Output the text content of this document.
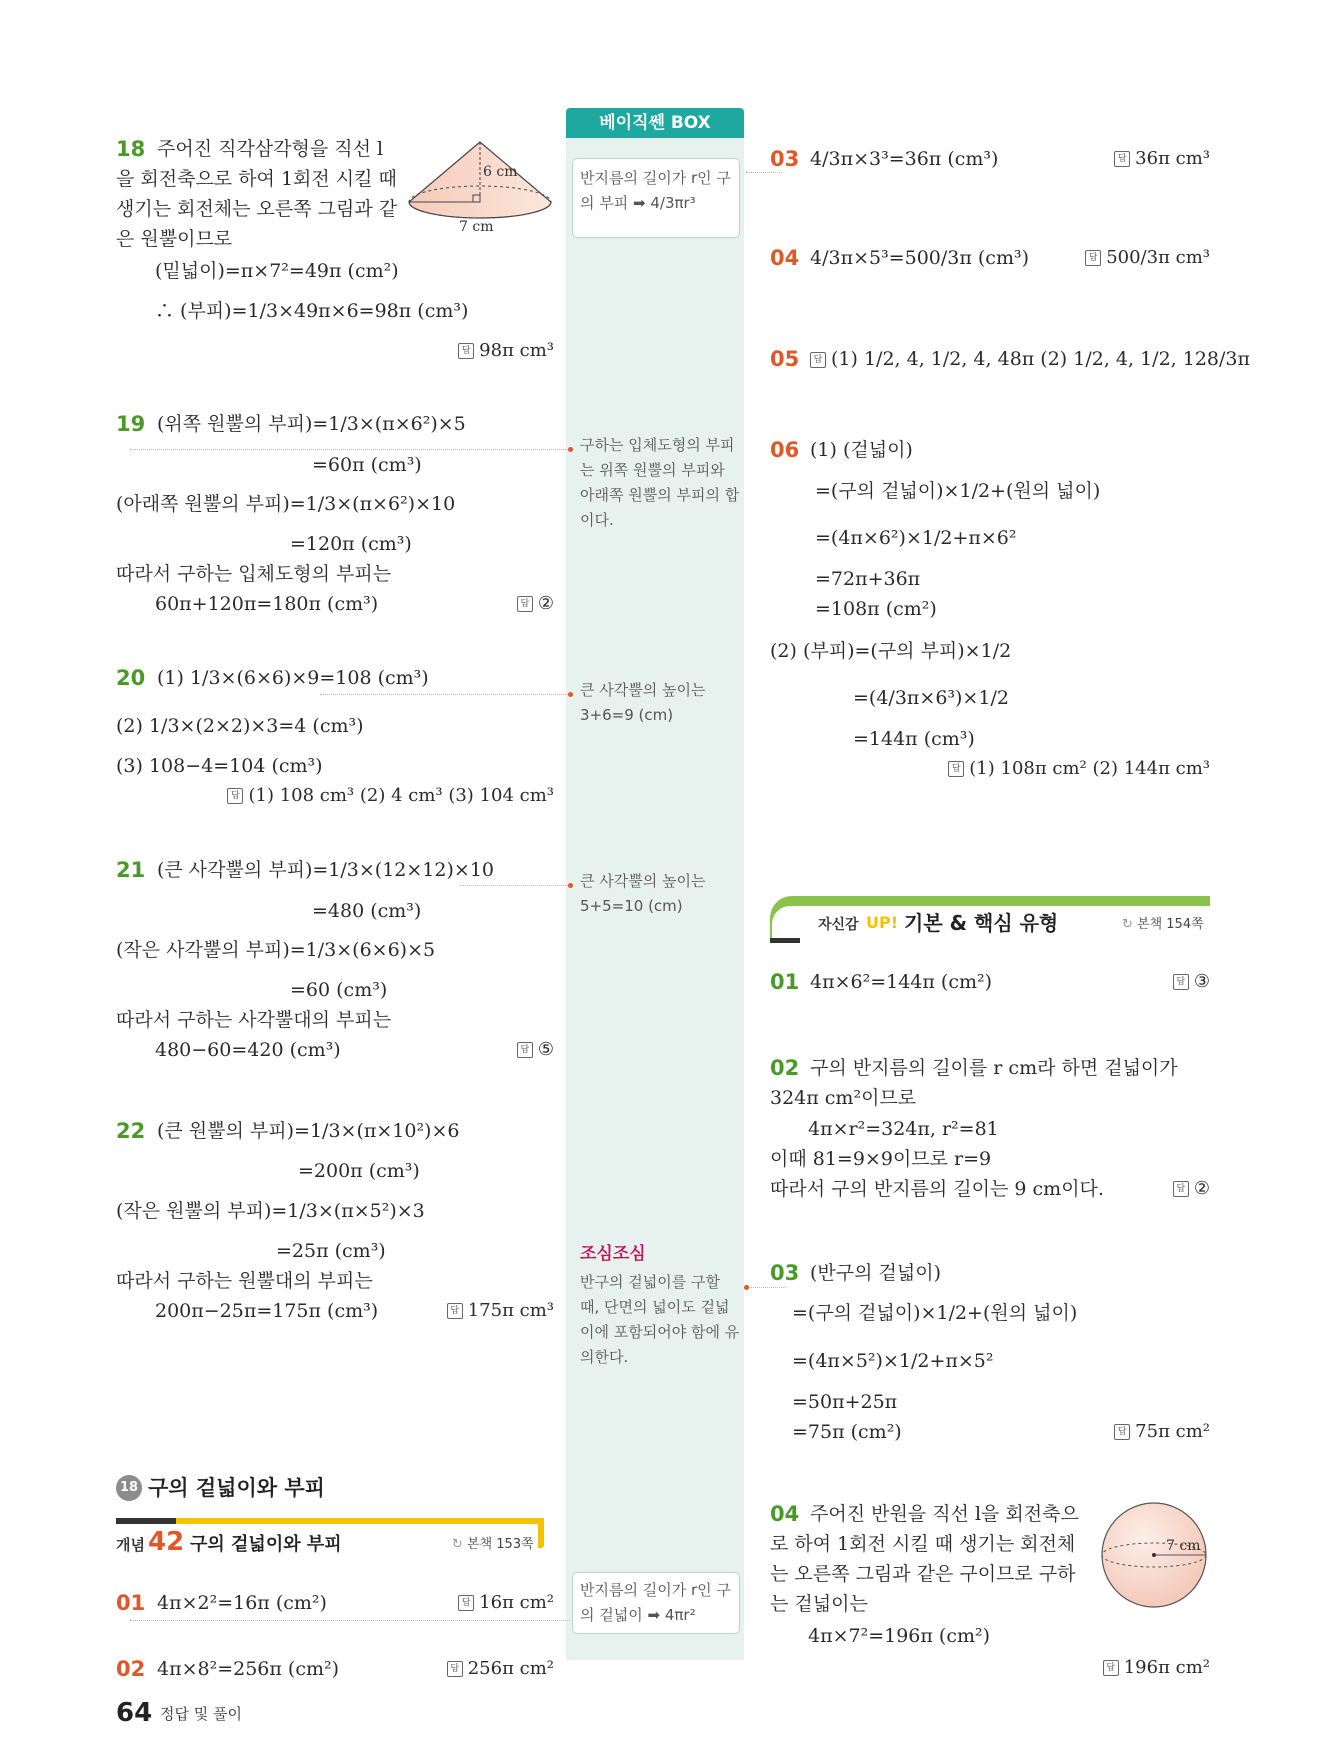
베이직쎈 BOX
반지름의 길이가 r인 구의 부피 ➡ 4/3πr³
구하는 입체도형의 부피는 위쪽 원뿔의 부피와 아래쪽 원뿔의 부피의 합이다.
큰 사각뿔의 높이는 3+6=9 (cm)
큰 사각뿔의 높이는 5+5=10 (cm)
조심조심
반구의 겉넓이를 구할 때, 단면의 넓이도 겉넓이에 포함되어야 함에 유의한다.
반지름의 길이가 r인 구의 겉넓이 ➡ 4πr²
18 주어진 직각삼각형을 직선 l
을 회전축으로 하여 1회전 시킬 때
생기는 회전체는 오른쪽 그림과 같
은 원뿔이므로
(밑넓이)=π×7²=49π (cm²)
∴ (부피)=1/3×49π×6=98π (cm³)
답 98π cm³
6 cm
7 cm
19 (위쪽 원뿔의 부피)=1/3×(π×6²)×5
=60π (cm³)
(아래쪽 원뿔의 부피)=1/3×(π×6²)×10
=120π (cm³)
따라서 구하는 입체도형의 부피는
60π+120π=180π (cm³)	답 ②
20 (1) 1/3×(6×6)×9=108 (cm³)
(2) 1/3×(2×2)×3=4 (cm³)
(3) 108−4=104 (cm³)
답 (1) 108 cm³ (2) 4 cm³ (3) 104 cm³
21 (큰 사각뿔의 부피)=1/3×(12×12)×10
=480 (cm³)
(작은 사각뿔의 부피)=1/3×(6×6)×5
=60 (cm³)
따라서 구하는 사각뿔대의 부피는
480−60=420 (cm³)	답 ⑤
22 (큰 원뿔의 부피)=1/3×(π×10²)×6
=200π (cm³)
(작은 원뿔의 부피)=1/3×(π×5²)×3
=25π (cm³)
따라서 구하는 원뿔대의 부피는
200π−25π=175π (cm³)	답 175π cm³
18 구의 겉넓이와 부피
개념 42 구의 겉넓이와 부피	↻ 본책 153쪽
01 4π×2²=16π (cm²)	답 16π cm²
02 4π×8²=256π (cm²)	답 256π cm²
03 4/3π×3³=36π (cm³)	답 36π cm³
04 4/3π×5³=500/3π (cm³)	답 500/3π cm³
05	답 (1) 1/2, 4, 1/2, 4, 48π (2) 1/2, 4, 1/2, 128/3π
06 (1) (겉넓이)
=(구의 겉넓이)×1/2+(원의 넓이)
=(4π×6²)×1/2+π×6²
=72π+36π
=108π (cm²)
(2) (부피)=(구의 부피)×1/2
=(4/3π×6³)×1/2
=144π (cm³)
답 (1) 108π cm² (2) 144π cm³
자신감 UP! 기본 & 핵심 유형	↻ 본책 154쪽
01 4π×6²=144π (cm²)	답 ③
02 구의 반지름의 길이를 r cm라 하면 겉넓이가
324π cm²이므로
4π×r²=324π, r²=81
이때 81=9×9이므로 r=9
따라서 구의 반지름의 길이는 9 cm이다.	답 ②
03 (반구의 겉넓이)
=(구의 겉넓이)×1/2+(원의 넓이)
=(4π×5²)×1/2+π×5²
=50π+25π
=75π (cm²)	답 75π cm²
04 주어진 반원을 직선 l을 회전축으
로 하여 1회전 시킬 때 생기는 회전체
는 오른쪽 그림과 같은 구이므로 구하
는 겉넓이는
4π×7²=196π (cm²)
답 196π cm²
7 cm
64 정답 및 풀이
